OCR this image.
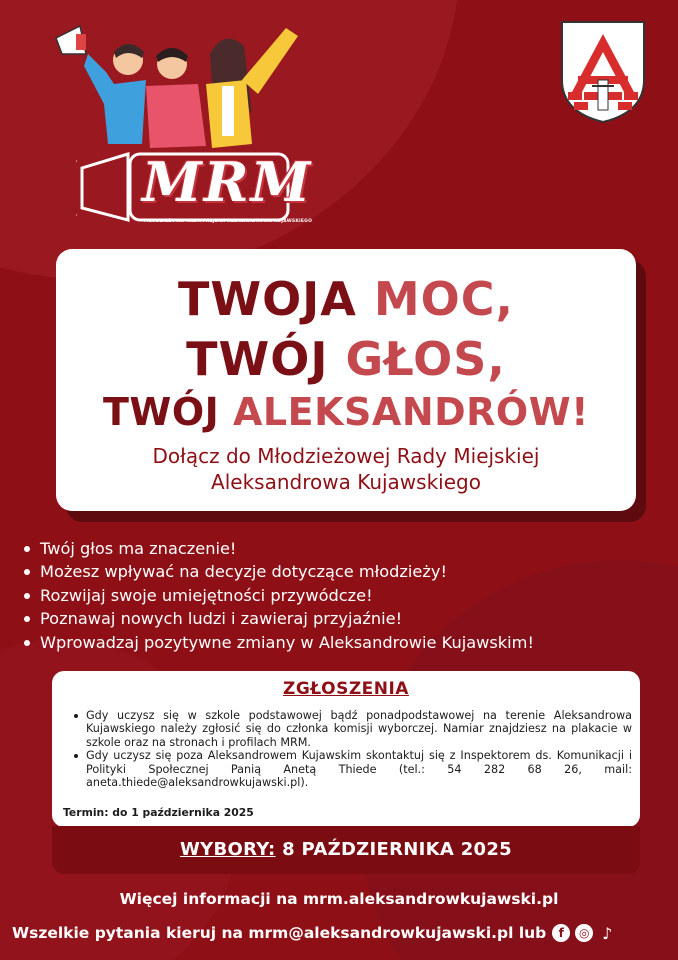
MRM
MŁODZIEŻOWA RADA MIEJSKA ALEKSANDROWA KUJAWSKIEGO
TWOJA MOC,
TWÓJ GŁOS,
TWÓJ ALEKSANDRÓW!
Dołącz do Młodzieżowej Rady Miejskiej
Aleksandrowa Kujawskiego
Twój głos ma znaczenie!
Możesz wpływać na decyzje dotyczące młodzieży!
Rozwijaj swoje umiejętności przywódcze!
Poznawaj nowych ludzi i zawieraj przyjaźnie!
Wprowadzaj pozytywne zmiany w Aleksandrowie Kujawskim!
ZGŁOSZENIA
Gdy uczysz się w szkole podstawowej bądź ponadpodstawowej na terenie Aleksandrowa Kujawskiego należy zgłosić się do członka komisji wyborczej. Namiar znajdziesz na plakacie w szkole oraz na stronach i profilach MRM.
Gdy uczysz się poza Aleksandrowem Kujawskim skontaktuj się z Inspektorem ds. Komunikacji i Polityki Społecznej Panią Anetą Thiede (tel.: 54 282 68 26, mail: aneta.thiede@aleksandrowkujawski.pl).
Termin: do 1 października 2025
WYBORY: 8 PAŹDZIERNIKA 2025
Więcej informacji na mrm.aleksandrowkujawski.pl
Wszelkie pytania kieruj na mrm@aleksandrowkujawski.pl lub	f	◎ ♪
